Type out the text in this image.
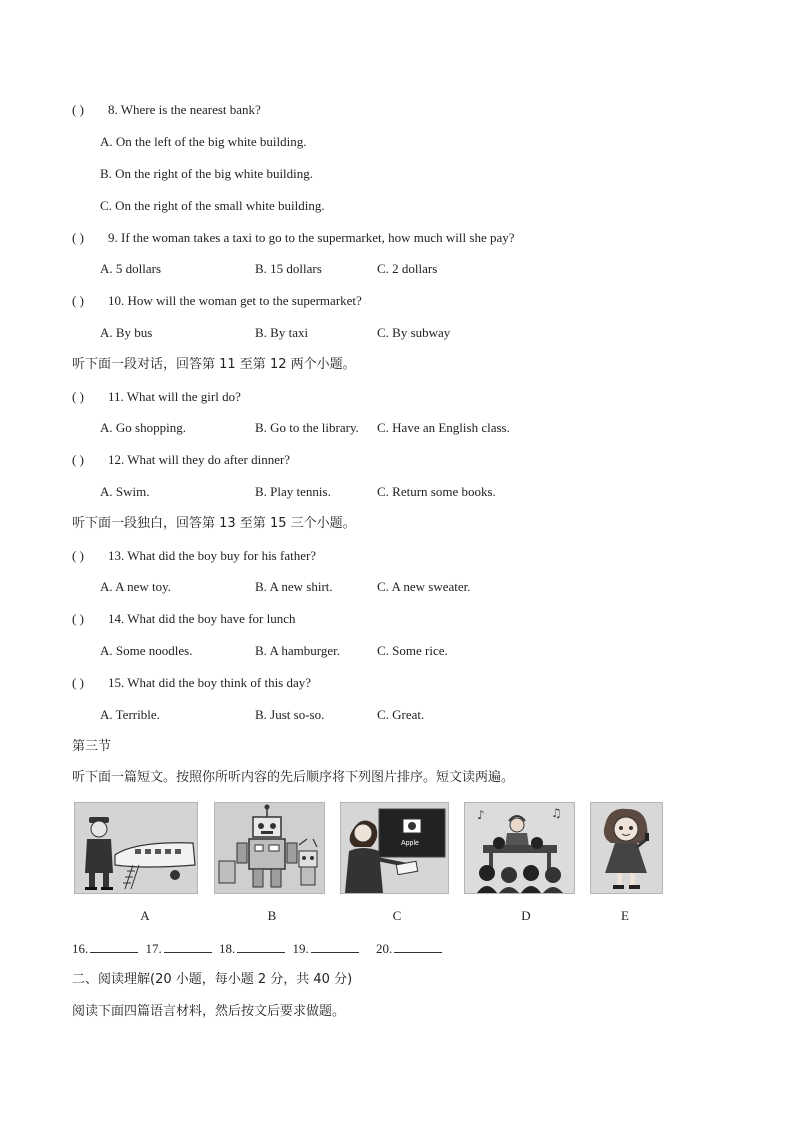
( ) 8. Where is the nearest bank?
A. On the left of the big white building.
B. On the right of the big white building.
C. On the right of the small white building.
( ) 9. If the woman takes a taxi to go to the supermarket, how much will she pay?
A. 5 dollars	B. 15 dollars	C. 2 dollars
( ) 10. How will the woman get to the supermarket?
A. By bus	B. By taxi	C. By subway
听下面一段对话，回答第 11 至第 12 两个小题。
( ) 11. What will the girl do?
A. Go shopping.	B. Go to the library. C. Have an English class.
( ) 12. What will they do after dinner?
A. Swim.	B. Play tennis.	C. Return some books.
听下面一段独白，回答第 13 至第 15 三个小题。
( ) 13. What did the boy buy for his father?
A. A new toy.	B. A new shirt.	C. A new sweater.
( ) 14. What did the boy have for lunch
A. Some noodles.	B. A hamburger.	C. Some rice.
( ) 15. What did the boy think of this day?
A. Terrible.	B. Just so-so.	C. Great.
第三节
听下面一篇短文。按照你所听内容的先后顺序将下列图片排序。短文读两遍。
A	B
Apple
C
♪	♫
D	E
16.	17.	18.	19.	20.
二、阅读理解(20 小题，每小题 2 分，共 40 分)
阅读下面四篇语言材料，然后按文后要求做题。
